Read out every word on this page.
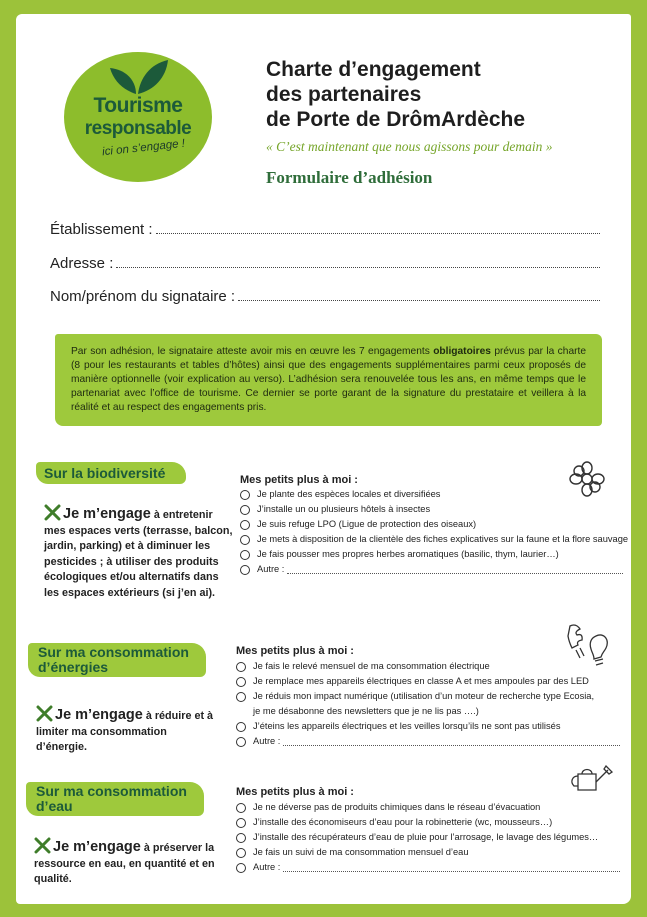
Tourisme
responsable
ici on s’engage !
Charte d’engagement
des partenaires
de Porte de DrômArdèche
« C’est maintenant que nous agissons pour demain »
Formulaire d’adhésion
Établissement :
Adresse :
Nom/prénom du signataire :

Par son adhésion, le signataire atteste avoir mis en œuvre les 7 engagements obligatoires prévus par la charte (8 pour les restaurants et tables d’hôtes) ainsi que des engagements supplémentaires parmi ceux proposés de manière optionnelle (voir explication au verso). L’adhésion sera renouvelée tous les ans, en même temps que le partenariat avec l’office de tourisme. Ce dernier se porte garant de la signature du prestataire et veillera à la réalité et au respect des engagements pris.

Sur la biodiversité
Je m’engage à entretenir mes espaces verts (terrasse, balcon, jardin, parking) et à diminuer les pesticides ; à utiliser des produits écologiques et/ou alternatifs dans les espaces extérieurs (si j’en ai).
Mes petits plus à moi :
Je plante des espèces locales et diversifiées
J’installe un ou plusieurs hôtels à insectes
Je suis refuge LPO (Ligue de protection des oiseaux)
Je mets à disposition de la clientèle des fiches explicatives sur la faune et la flore sauvage
Je fais pousser mes propres herbes aromatiques (basilic, thym, laurier…)
Autre :
Sur ma consommation d’énergies
Je m’engage à réduire et à limiter ma consommation d’énergie.
Mes petits plus à moi :
Je fais le relevé mensuel de ma consommation électrique
Je remplace mes appareils électriques en classe A et mes ampoules par des LED
Je réduis mon impact numérique (utilisation d’un moteur de recherche type Ecosia, je me désabonne des newsletters que je ne lis pas ….)
J’éteins les appareils électriques et les veilles lorsqu’ils ne sont pas utilisés
Autre :
Sur ma consommation d’eau
Je m’engage à préserver la ressource en eau, en quantité et en qualité.
Mes petits plus à moi :
Je ne déverse pas de produits chimiques dans le réseau d’évacuation
J’installe des économiseurs d’eau pour la robinetterie (wc, mousseurs…)
J’installe des récupérateurs d’eau de pluie pour l’arrosage, le lavage des légumes…
Je fais un suivi de ma consommation mensuel d’eau
Autre :
